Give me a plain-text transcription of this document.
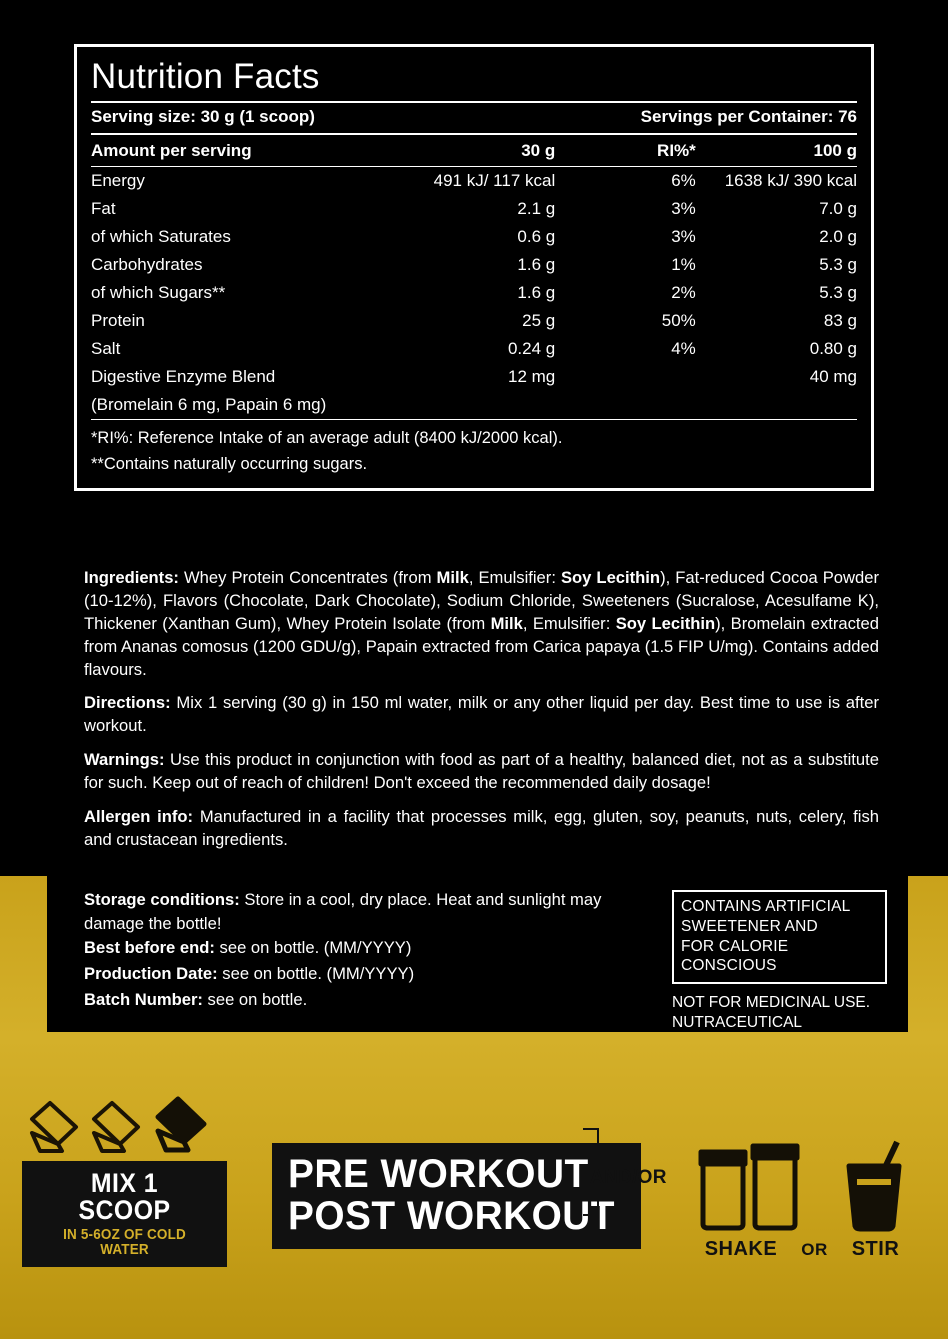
Nutrition Facts
Serving size: 30 g (1 scoop)	Servings per Container: 76
Amount per serving	30 g	RI%*	100 g
Energy	491 kJ/ 117 kcal	6%	1638 kJ/ 390 kcal
Fat	2.1 g	3%	7.0 g
of which Saturates	0.6 g	3%	2.0 g
Carbohydrates	1.6 g	1%	5.3 g
of which Sugars**	1.6 g	2%	5.3 g
Protein	25 g	50%	83 g
Salt	0.24 g	4%	0.80 g
Digestive Enzyme Blend	12 mg		40 mg
(Bromelain 6 mg, Papain 6 mg)			
*RI%: Reference Intake of an average adult (8400 kJ/2000 kcal).
**Contains naturally occurring sugars.

Ingredients: Whey Protein Concentrates (from Milk, Emulsifier: Soy Lecithin), Fat-reduced Cocoa Powder (10-12%), Flavors (Chocolate, Dark Chocolate), Sodium Chloride, Sweeteners (Sucralose, Acesulfame K), Thickener (Xanthan Gum), Whey Protein Isolate (from Milk, Emulsifier: Soy Lecithin), Bromelain extracted from Ananas comosus (1200 GDU/g), Papain extracted from Carica papaya (1.5 FIP U/mg). Contains added flavours.

Directions: Mix 1 serving (30 g) in 150 ml water, milk or any other liquid per day. Best time to use is after workout.

Warnings: Use this product in conjunction with food as part of a healthy, balanced diet, not as a substitute for such. Keep out of reach of children! Don't exceed the recommended daily dosage!

Allergen info: Manufactured in a facility that processes milk, egg, gluten, soy, peanuts, nuts, celery, fish and crustacean ingredients.

Storage conditions: Store in a cool, dry place. Heat and sunlight may damage the bottle!
Best before end: see on bottle. (MM/YYYY)
Production Date: see on bottle. (MM/YYYY)
Batch Number: see on bottle.
CONTAINS ARTIFICIAL
SWEETENER AND
FOR CALORIE CONSCIOUS
NOT FOR MEDICINAL USE.
NUTRACEUTICAL
MIX 1 SCOOP
IN 5-6OZ OF COLD WATER
PRE WORKOUT
POST WORKOUT
AND/OR
SHAKE OR STIR
